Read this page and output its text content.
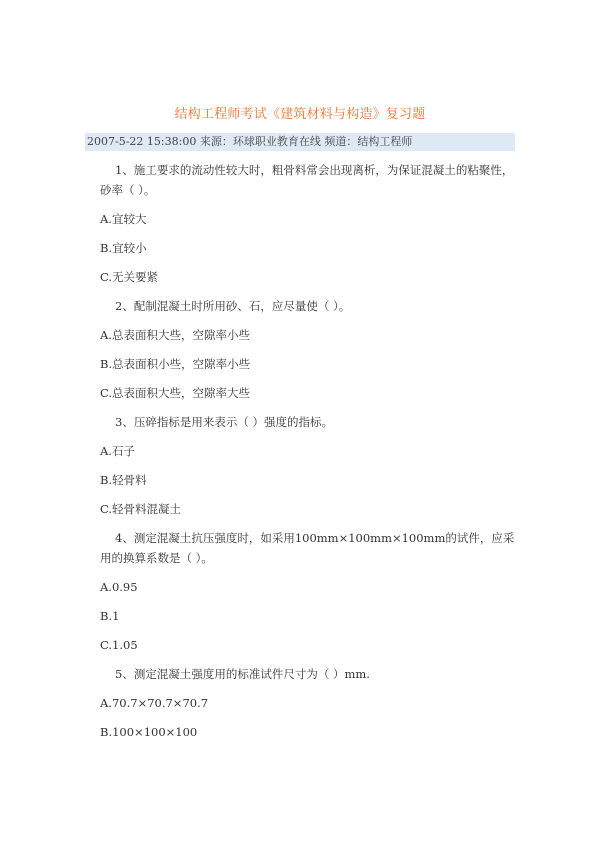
结构工程师考试《建筑材料与构造》复习题
2007-5-22 15:38:00 来源：环球职业教育在线 频道：结构工程师

1、施工要求的流动性较大时，粗骨料常会出现离析，为保证混凝土的粘聚性，砂率（ ）。

A.宜较大

B.宜较小

C.无关要紧

2、配制混凝土时所用砂、石，应尽量使（ ）。

A.总表面积大些，空隙率小些

B.总表面积小些，空隙率小些

C.总表面积大些，空隙率大些

3、压碎指标是用来表示（ ）强度的指标。

A.石子

B.轻骨料

C.轻骨料混凝土

4、测定混凝土抗压强度时，如采用100mm×100mm×100mm的试件，应采用的换算系数是（ ）。

A.0.95

B.1

C.1.05

5、测定混凝土强度用的标准试件尺寸为（ ）mm.

A.70.7×70.7×70.7

B.100×100×100
